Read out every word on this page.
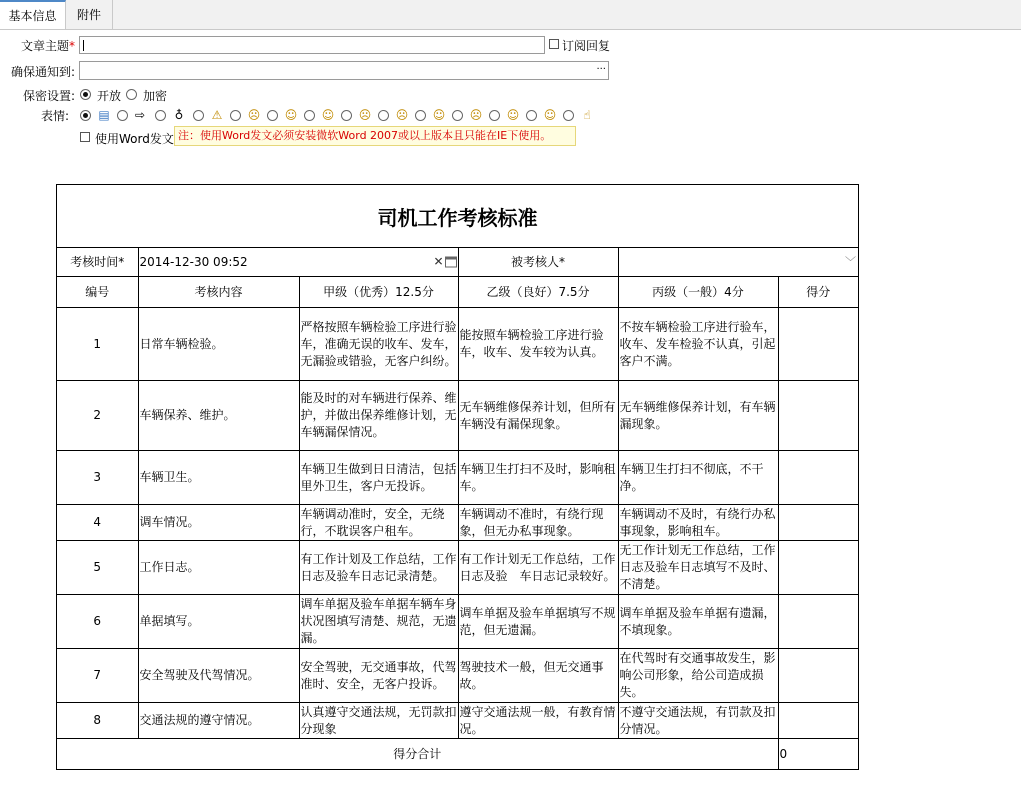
基本信息	附件
文章主题*	订阅回复
确保通知到:	···
保密设置: 开放 加密
表情: ▤ ⇨ ♁ ⚠ ☹ ☺ ☺ ☹ ☹ ☺ ☹ ☺ ☺ ☝
使用Word发文 注：使用Word发文必须安装微软Word 2007或以上版本且只能在IE下使用。
司机工作考核标准
考核时间*	2014-12-30 09:52 ✕		被考核人*	﹀	

编号	考核内容	甲级（优秀）12.5分	乙级（良好）7.5分	丙级（一般）4分	得分
1	日常车辆检验。	严格按照车辆检验工序进行验车，准确无误的收车、发车，无漏验或错验，无客户纠纷。	能按照车辆检验工序进行验车，收车、发车较为认真。	不按车辆检验工序进行验车，收车、发车检验不认真，引起客户不满。	
2	车辆保养、维护。	能及时的对车辆进行保养、维护，并做出保养维修计划，无车辆漏保情况。	无车辆维修保养计划，但所有车辆没有漏保现象。	无车辆维修保养计划，有车辆漏现象。	
3	车辆卫生。	车辆卫生做到日日清洁，包括里外卫生，客户无投诉。	车辆卫生打扫不及时，影响租车。	车辆卫生打扫不彻底，不干净。	
4	调车情况。	车辆调动准时，安全，无绕行，不耽误客户租车。	车辆调动不准时，有绕行现象，但无办私事现象。	车辆调动不及时，有绕行办私事现象，影响租车。	
5	工作日志。	有工作计划及工作总结，工作日志及验车日志记录清楚。	有工作计划无工作总结，工作日志及验　车日志记录较好。	无工作计划无工作总结，工作日志及验车日志填写不及时、不清楚。	
6	单据填写。	调车单据及验车单据车辆车身状况图填写清楚、规范，无遗漏。	调车单据及验车单据填写不规范，但无遗漏。	调车单据及验车单据有遗漏，不填现象。	
7	安全驾驶及代驾情况。	安全驾驶，无交通事故，代驾准时、安全，无客户投诉。	驾驶技术一般，但无交通事故。	在代驾时有交通事故发生，影响公司形象，给公司造成损失。	
8	交通法规的遵守情况。	认真遵守交通法规，无罚款扣分现象	遵守交通法规一般，有教育情况。	不遵守交通法规，有罚款及扣分情况。	
得分合计					0
